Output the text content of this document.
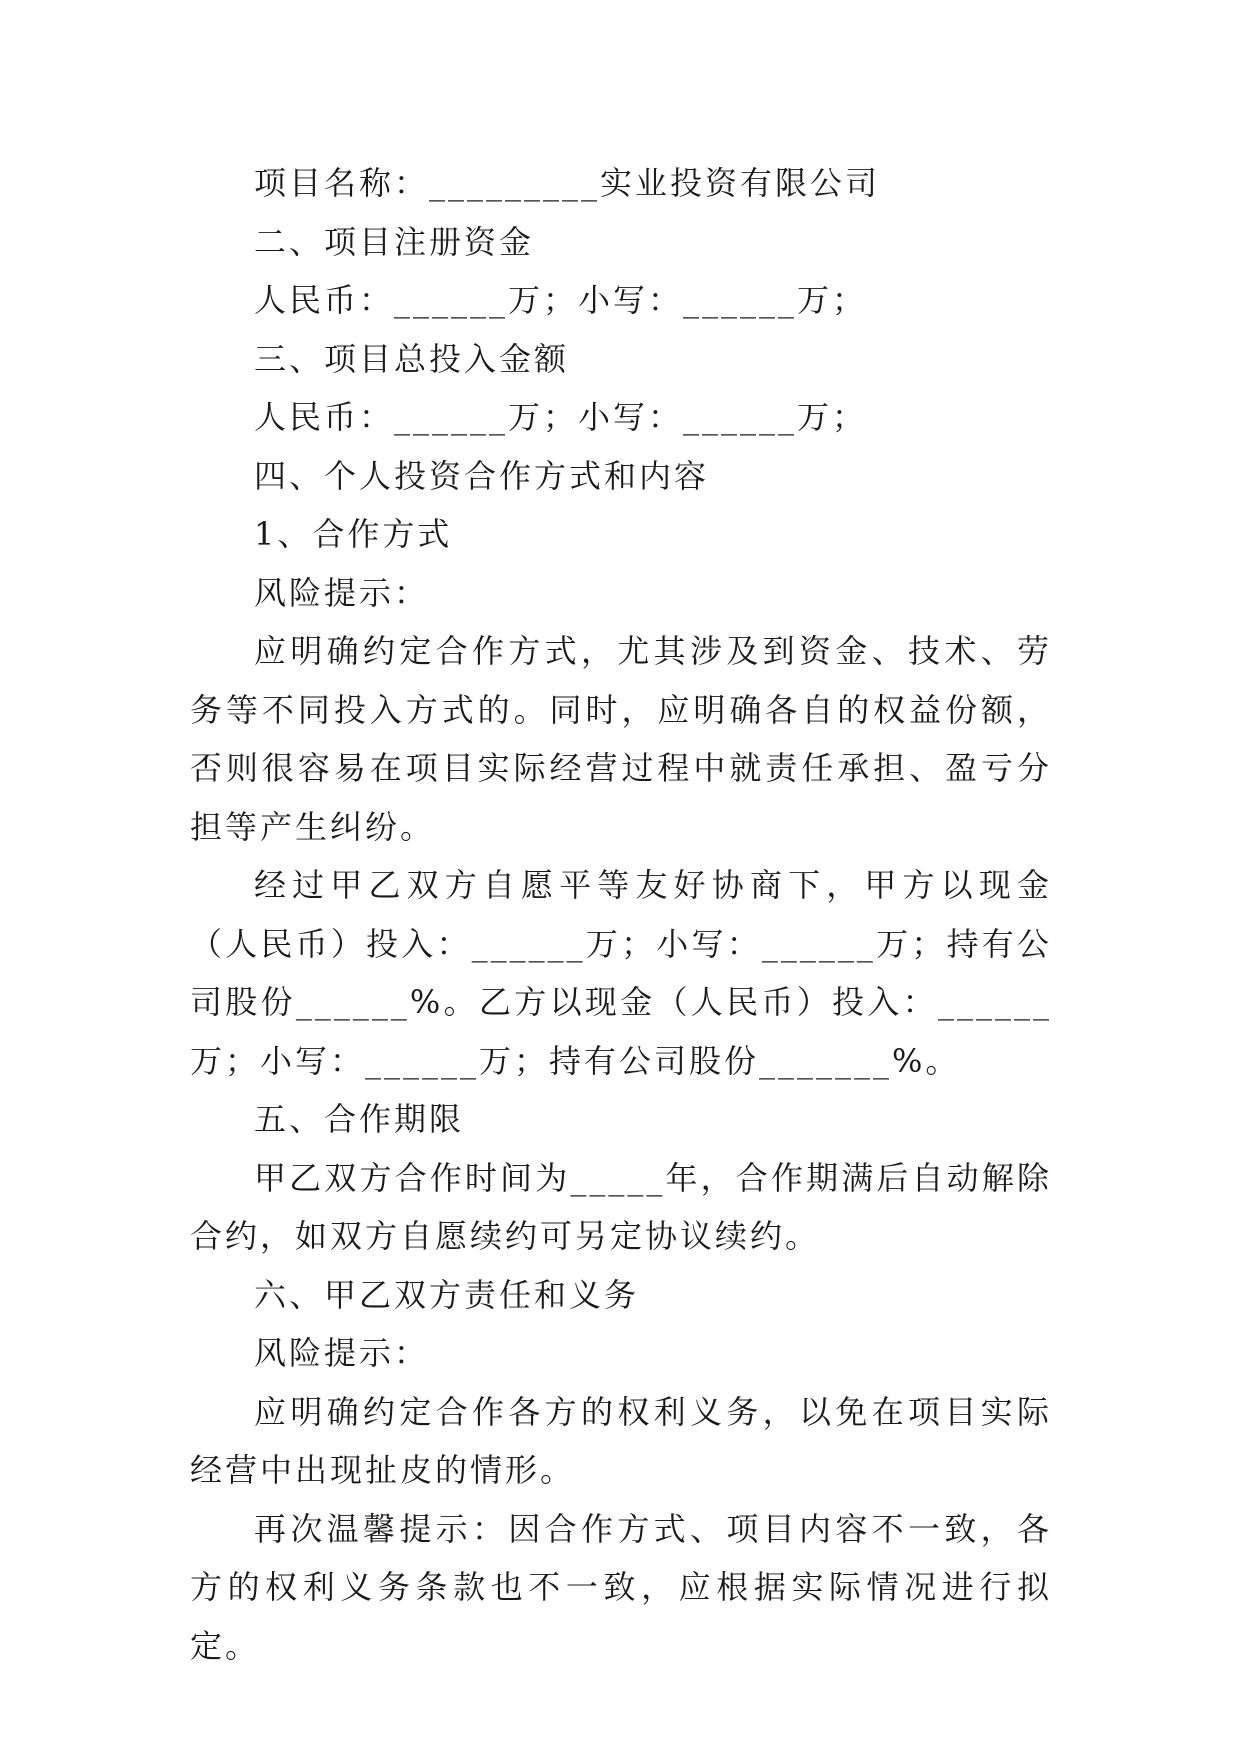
项目名称：_________实业投资有限公司

二、项目注册资金

人民币：______万；小写：______万；

三、项目总投入金额

人民币：______万；小写：______万；

四、个人投资合作方式和内容

1、合作方式

风险提示：

应明确约定合作方式，尤其涉及到资金、技术、劳务等不同投入方式的。同时，应明确各自的权益份额，否则很容易在项目实际经营过程中就责任承担、盈亏分担等产生纠纷。

经过甲乙双方自愿平等友好协商下，甲方以现金（人民币）投入：______万；小写：______万；持有公司股份______%。乙方以现金（人民币）投入：______万；小写：______万；持有公司股份_______%。

五、合作期限

甲乙双方合作时间为_____年，合作期满后自动解除合约，如双方自愿续约可另定协议续约。

六、甲乙双方责任和义务

风险提示：

应明确约定合作各方的权利义务，以免在项目实际经营中出现扯皮的情形。

再次温馨提示：因合作方式、项目内容不一致，各方的权利义务条款也不一致，应根据实际情况进行拟定。
